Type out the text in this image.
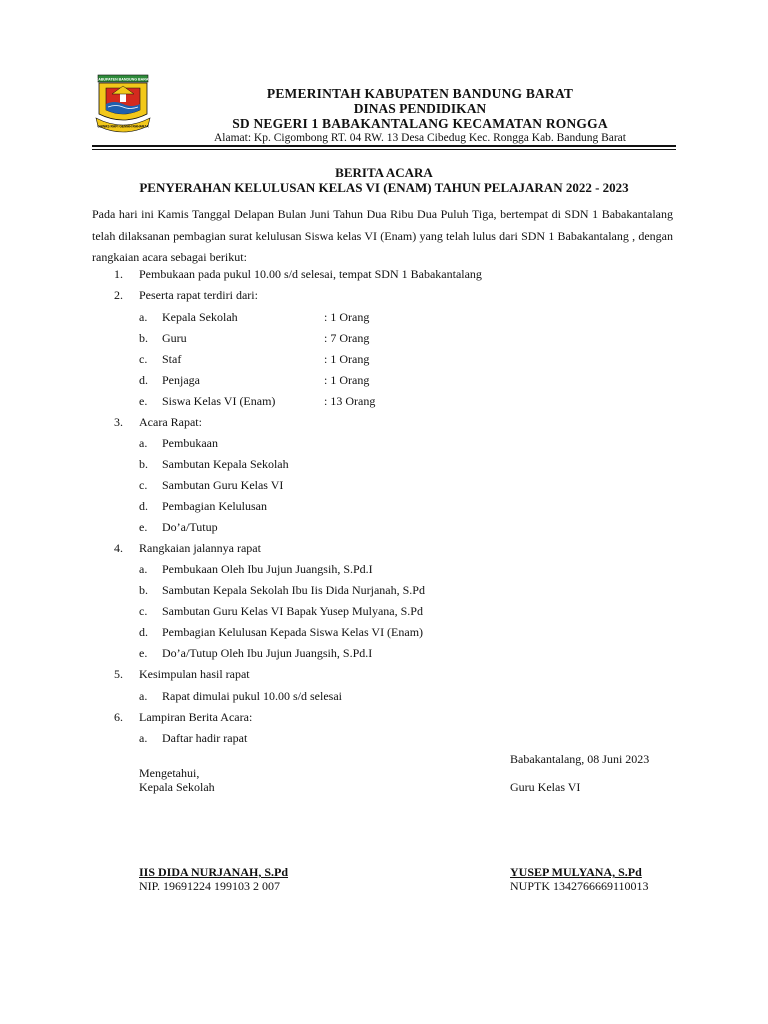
KABUPATEN BANDUNG BARAT
GAWAS RAPI GEMAH RAHARJA
PEMERINTAH KABUPATEN BANDUNG BARAT
DINAS PENDIDIKAN
SD NEGERI 1 BABAKANTALANG KECAMATAN RONGGA
Alamat: Kp. Cigombong RT. 04 RW. 13 Desa Cibedug Kec. Rongga Kab. Bandung Barat
BERITA ACARA
PENYERAHAN KELULUSAN KELAS VI (ENAM) TAHUN PELAJARAN 2022 - 2023
Pada hari ini Kamis Tanggal Delapan Bulan Juni Tahun Dua Ribu Dua Puluh Tiga, bertempat di SDN 1 Babakantalang telah dilaksanan pembagian surat kelulusan Siswa kelas VI (Enam) yang telah lulus dari SDN 1 Babakantalang , dengan rangkaian acara sebagai berikut:
1. Pembukaan pada pukul 10.00 s/d selesai, tempat SDN 1 Babakantalang
2. Peserta rapat terdiri dari:
a. Kepala Sekolah	: 1 Orang
b. Guru	: 7 Orang
c. Staf	: 1 Orang
d. Penjaga	: 1 Orang
e. Siswa Kelas VI (Enam)	: 13 Orang
3. Acara Rapat:
a. Pembukaan
b. Sambutan Kepala Sekolah
c. Sambutan Guru Kelas VI
d. Pembagian Kelulusan
e. Do’a/Tutup
4. Rangkaian jalannya rapat
a. Pembukaan Oleh Ibu Jujun Juangsih, S.Pd.I
b. Sambutan Kepala Sekolah Ibu Iis Dida Nurjanah, S.Pd
c. Sambutan Guru Kelas VI Bapak Yusep Mulyana, S.Pd
d. Pembagian Kelulusan Kepada Siswa Kelas VI (Enam)
e. Do’a/Tutup Oleh Ibu Jujun Juangsih, S.Pd.I
5. Kesimpulan hasil rapat
a. Rapat dimulai pukul 10.00 s/d selesai
6. Lampiran Berita Acara:
a. Daftar hadir rapat
Babakantalang, 08 Juni 2023
Mengetahui,
Kepala Sekolah	Guru Kelas VI
IIS DIDA NURJANAH, S.Pd
NIP. 19691224 199103 2 007
YUSEP MULYANA, S.Pd
NUPTK 1342766669110013
